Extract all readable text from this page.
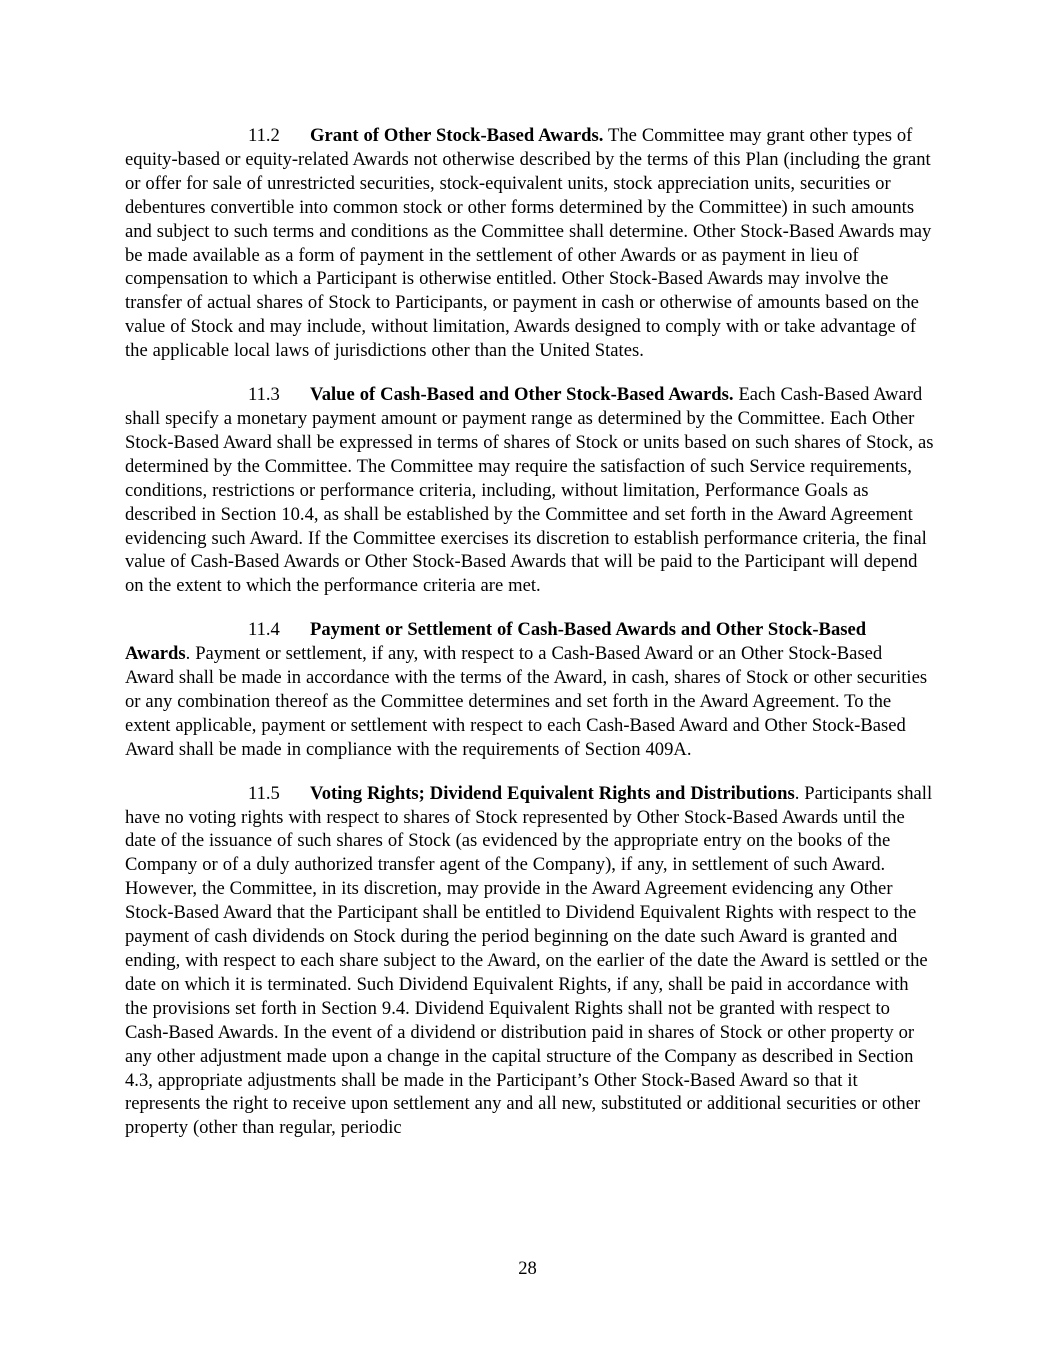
11.2 Grant of Other Stock-Based Awards. The Committee may grant other types of equity-based or equity-related Awards not otherwise described by the terms of this Plan (including the grant or offer for sale of unrestricted securities, stock-equivalent units, stock appreciation units, securities or debentures convertible into common stock or other forms determined by the Committee) in such amounts and subject to such terms and conditions as the Committee shall determine. Other Stock-Based Awards may be made available as a form of payment in the settlement of other Awards or as payment in lieu of compensation to which a Participant is otherwise entitled. Other Stock-Based Awards may involve the transfer of actual shares of Stock to Participants, or payment in cash or otherwise of amounts based on the value of Stock and may include, without limitation, Awards designed to comply with or take advantage of the applicable local laws of jurisdictions other than the United States.

11.3 Value of Cash-Based and Other Stock-Based Awards. Each Cash-Based Award shall specify a monetary payment amount or payment range as determined by the Committee. Each Other Stock-Based Award shall be expressed in terms of shares of Stock or units based on such shares of Stock, as determined by the Committee. The Committee may require the satisfaction of such Service requirements, conditions, restrictions or performance criteria, including, without limitation, Performance Goals as described in Section 10.4, as shall be established by the Committee and set forth in the Award Agreement evidencing such Award. If the Committee exercises its discretion to establish performance criteria, the final value of Cash-Based Awards or Other Stock-Based Awards that will be paid to the Participant will depend on the extent to which the performance criteria are met.

11.4 Payment or Settlement of Cash-Based Awards and Other Stock-Based Awards. Payment or settlement, if any, with respect to a Cash-Based Award or an Other Stock-Based Award shall be made in accordance with the terms of the Award, in cash, shares of Stock or other securities or any combination thereof as the Committee determines and set forth in the Award Agreement. To the extent applicable, payment or settlement with respect to each Cash-Based Award and Other Stock-Based Award shall be made in compliance with the requirements of Section 409A.

11.5 Voting Rights; Dividend Equivalent Rights and Distributions. Participants shall have no voting rights with respect to shares of Stock represented by Other Stock-Based Awards until the date of the issuance of such shares of Stock (as evidenced by the appropriate entry on the books of the Company or of a duly authorized transfer agent of the Company), if any, in settlement of such Award. However, the Committee, in its discretion, may provide in the Award Agreement evidencing any Other Stock-Based Award that the Participant shall be entitled to Dividend Equivalent Rights with respect to the payment of cash dividends on Stock during the period beginning on the date such Award is granted and ending, with respect to each share subject to the Award, on the earlier of the date the Award is settled or the date on which it is terminated. Such Dividend Equivalent Rights, if any, shall be paid in accordance with the provisions set forth in Section 9.4. Dividend Equivalent Rights shall not be granted with respect to Cash-Based Awards. In the event of a dividend or distribution paid in shares of Stock or other property or any other adjustment made upon a change in the capital structure of the Company as described in Section 4.3, appropriate adjustments shall be made in the Participant’s Other Stock-Based Award so that it represents the right to receive upon settlement any and all new, substituted or additional securities or other property (other than regular, periodic

28
